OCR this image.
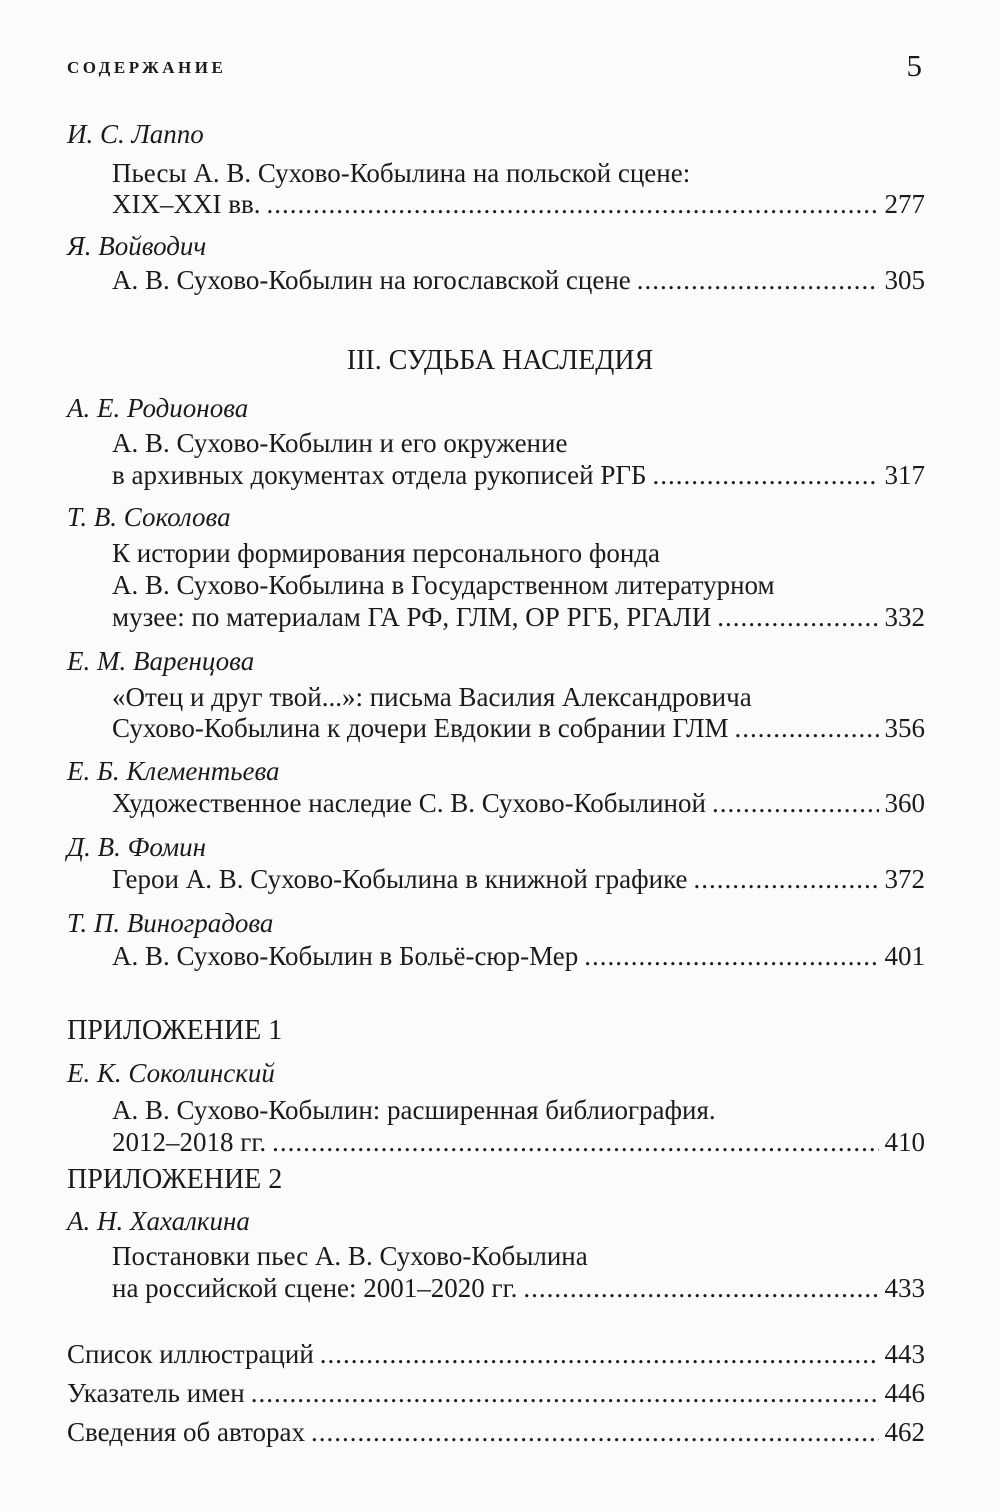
СОДЕРЖАНИЕ	5
И. С. Лаппо
Пьесы А. В. Сухово-Кобылина на польской сцене:
XIX–XXI вв. .....	277
Я. Войводич
А. В. Сухово-Кобылин на югославской сцене .....	305
III. СУДЬБА НАСЛЕДИЯ
А. Е. Родионова
А. В. Сухово-Кобылин и его окружение
в архивных документах отдела рукописей РГБ .....	317
Т. В. Соколова
К истории формирования персонального фонда
А. В. Сухово-Кобылина в Государственном литературном
музее: по материалам ГА РФ, ГЛМ, ОР РГБ, РГАЛИ .....	332
Е. М. Варенцова
«Отец и друг твой...»: письма Василия Александровича
Сухово-Кобылина к дочери Евдокии в собрании ГЛМ .....	356
Е. Б. Клементьева
Художественное наследие С. В. Сухово-Кобылиной .....	360
Д. В. Фомин
Герои А. В. Сухово-Кобылина в книжной графике .....	372
Т. П. Виноградова
А. В. Сухово-Кобылин в Больё-сюр-Мер .....	401
ПРИЛОЖЕНИЕ 1
Е. К. Соколинский
А. В. Сухово-Кобылин: расширенная библиография.
2012–2018 гг. .....	410
ПРИЛОЖЕНИЕ 2
А. Н. Хахалкина
Постановки пьес А. В. Сухово-Кобылина
на российской сцене: 2001–2020 гг. .....	433
Список иллюстраций .....	443
Указатель имен .....	446
Сведения об авторах .....	462
